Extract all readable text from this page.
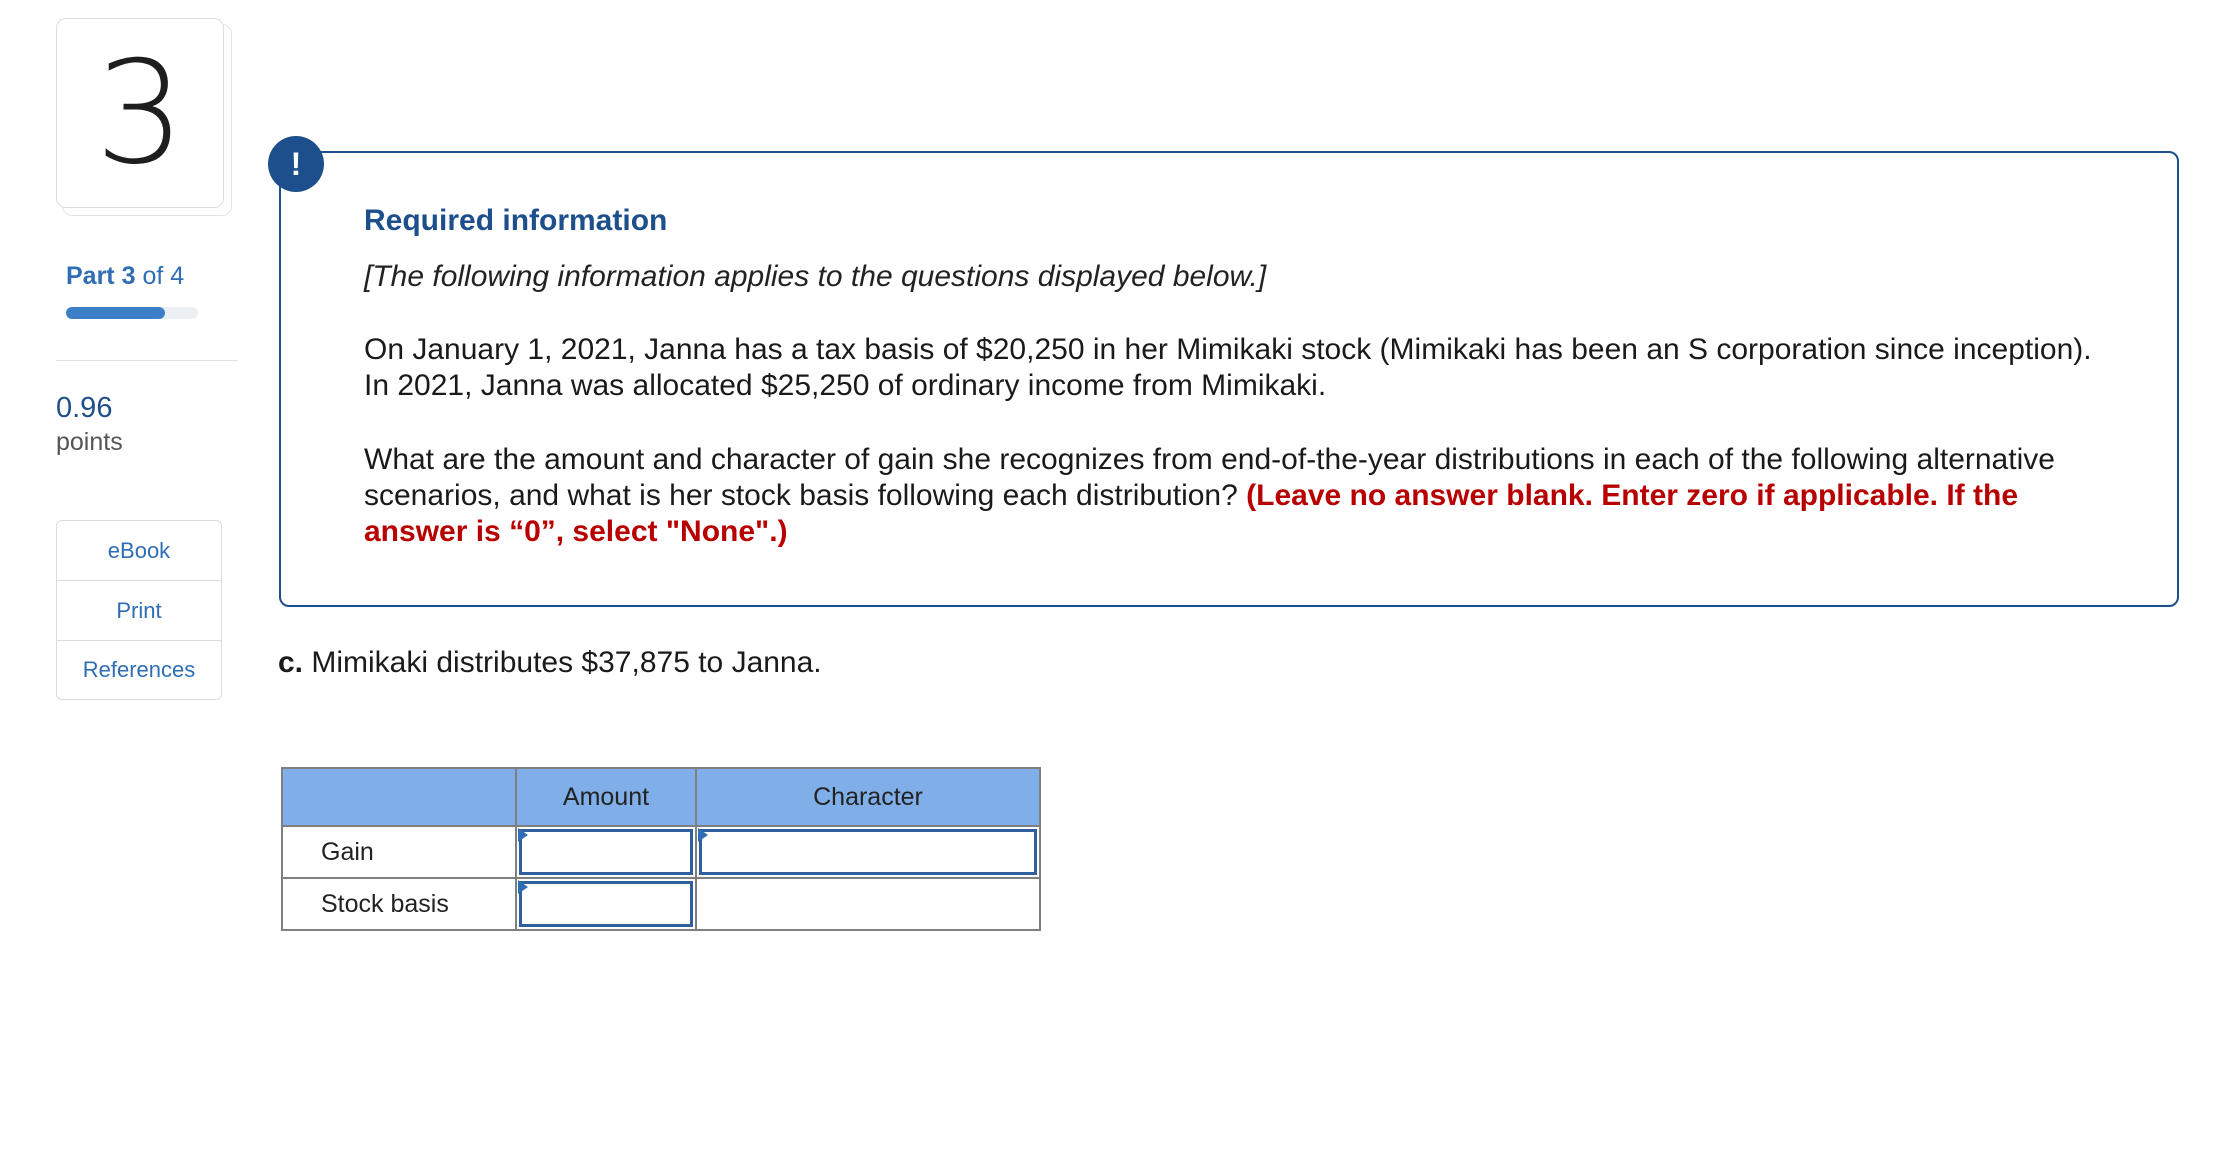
3
Part 3 of 4
0.96
points
eBook
Print
References
!
Required information
[The following information applies to the questions displayed below.]
On January 1, 2021, Janna has a tax basis of $20,250 in her Mimikaki stock (Mimikaki has been an S corporation since inception). In 2021, Janna was allocated $25,250 of ordinary income from Mimikaki.
What are the amount and character of gain she recognizes from end-of-the-year distributions in each of the following alternative scenarios, and what is her stock basis following each distribution? (Leave no answer blank. Enter zero if applicable. If the answer is “0”, select "None".)
c. Mimikaki distributes $37,875 to Janna.
	Amount	Character
Gain	

Stock basis	
